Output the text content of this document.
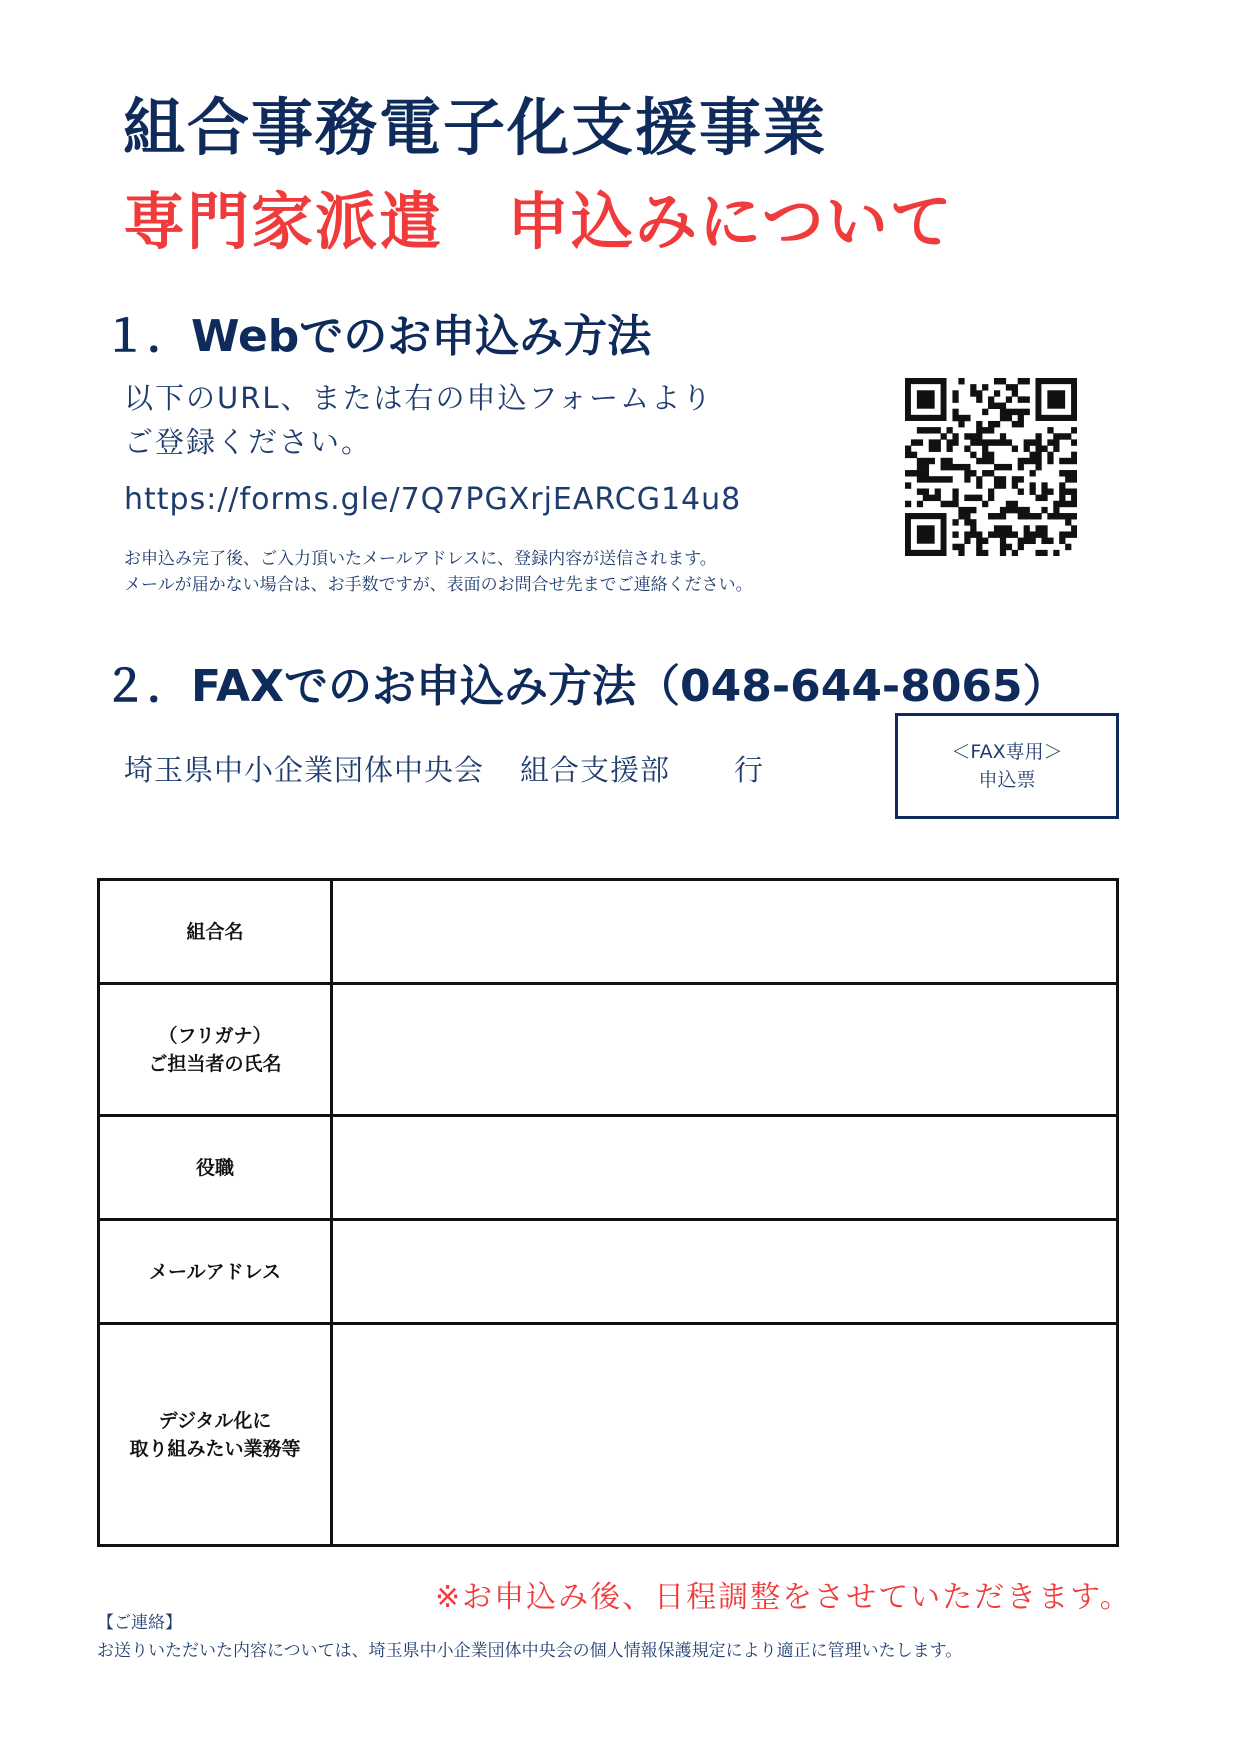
組合事務電子化支援事業
専門家派遣　申込みについて
１．Webでのお申込み方法
以下のURL、または右の申込フォームより
ご登録ください。
https://forms.gle/7Q7PGXrjEARCG14u8
お申込み完了後、ご入力頂いたメールアドレスに、登録内容が送信されます。
メールが届かない場合は、お手数ですが、表面のお問合せ先までご連絡ください。
２．FAXでのお申込み方法（048-644-8065）
埼玉県中小企業団体中央会 組合支援部 行
＜FAX専用＞
申込票
組合名	

（フリガナ）
ご担当者の氏名	

役職	

メールアドレス	

デジタル化に
取り組みたい業務等	

※お申込み後、日程調整をさせていただきます。
【ご連絡】
お送りいただいた内容については、埼玉県中小企業団体中央会の個人情報保護規定により適正に管理いたします。
